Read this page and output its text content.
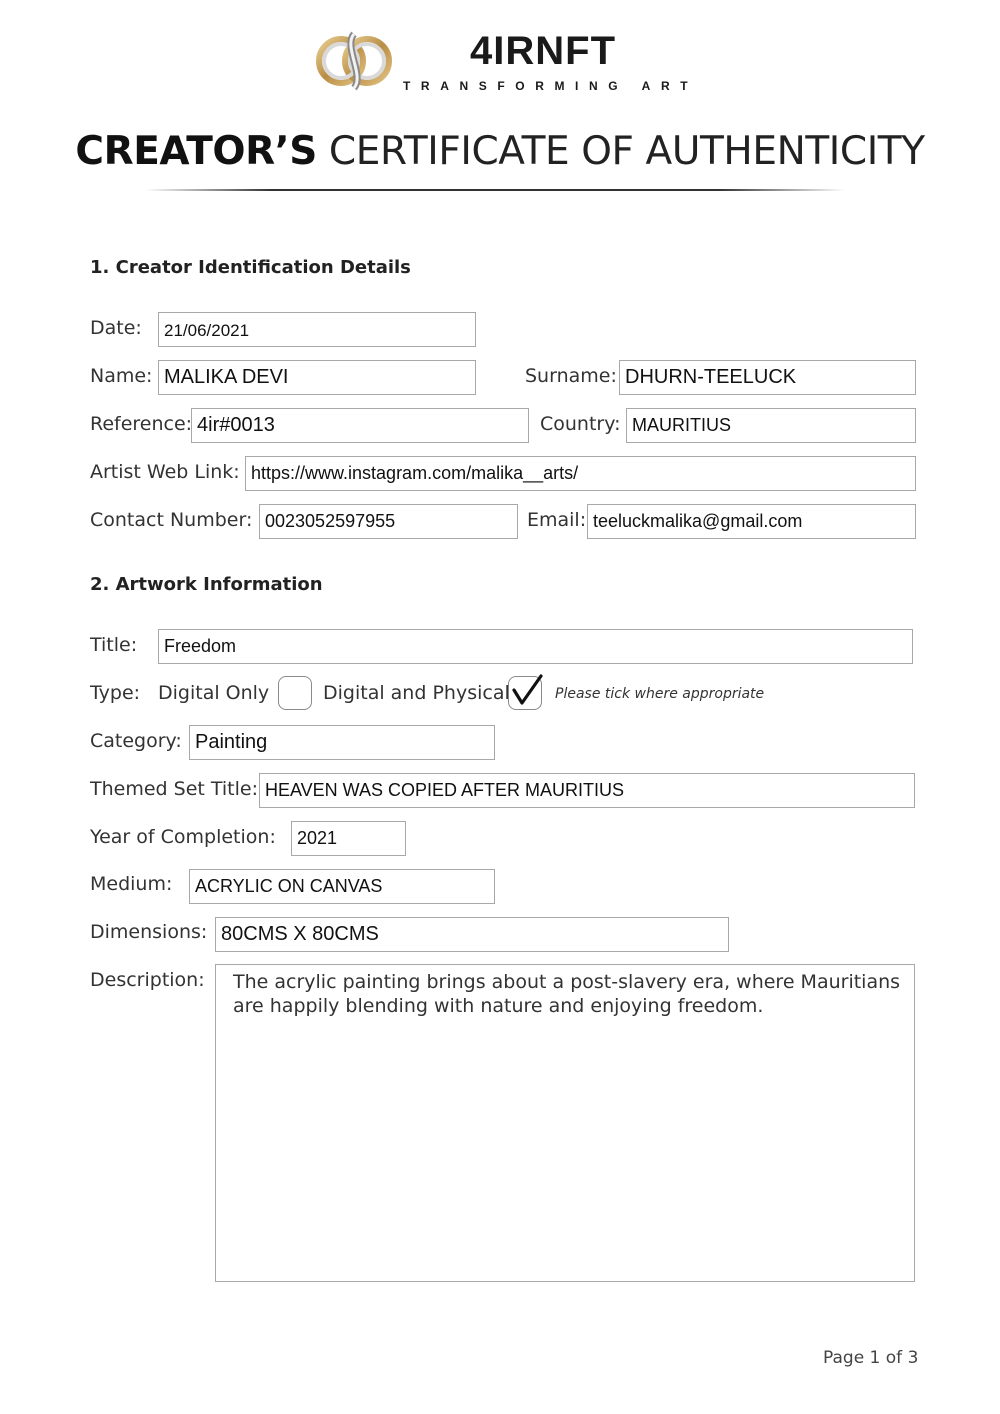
4IRNFT
TRANSFORMING ART
CREATOR’S CERTIFICATE OF AUTHENTICITY
1. Creator Identification Details
Date:	21/06/2021
Name: MALIKA DEVI	Surname: DHURN-TEELUCK
Reference: 4ir#0013	Country: MAURITIUS
Artist Web Link: https://www.instagram.com/malika__arts/
Contact Number: 0023052597955	Email: teeluckmalika@gmail.com
2. Artwork Information
Title:	Freedom
Type: Digital Only	Digital and Physical	Please tick where appropriate
Category: Painting
Themed Set Title: HEAVEN WAS COPIED AFTER MAURITIUS
Year of Completion:	2021
Medium:	ACRYLIC ON CANVAS
Dimensions: 80CMS X 80CMS
Description: The acrylic painting brings about a post-slavery era, where Mauritians are happily blending with nature and enjoying freedom.
Page 1 of 3
